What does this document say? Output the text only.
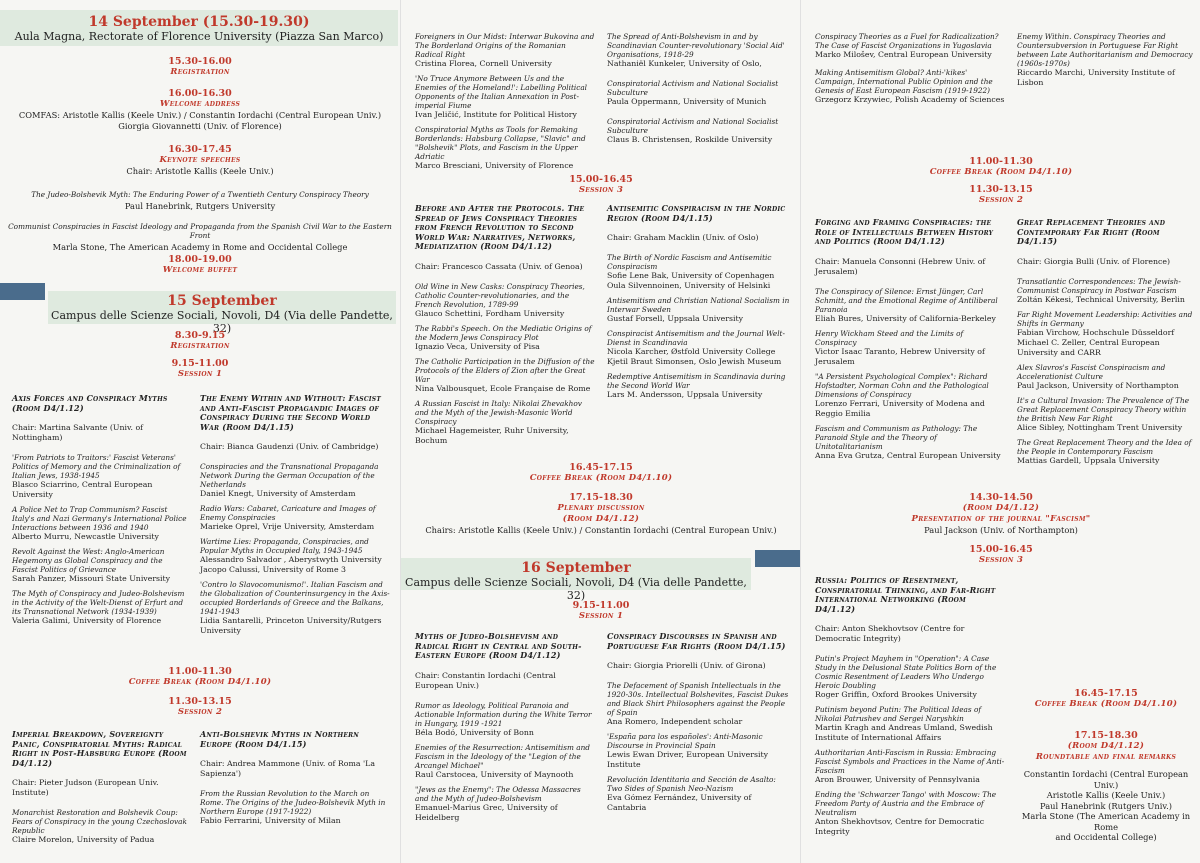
14 September (15.30-19.30)
Aula Magna, Rectorate of Florence University (Piazza San Marco)
15.30-16.00
Registration
16.00-16.30
Welcome address
COMFAS: Aristotle Kallis (Keele Univ.) / Constantin Iordachi (Central European Univ.)
Giorgia Giovannetti (Univ. of Florence)
16.30-17.45
Keynote speeches
Chair: Aristotle Kallis (Keele Univ.)
The Judeo-Bolshevik Myth: The Enduring Power of a Twentieth Century Conspiracy Theory
Paul Hanebrink, Rutgers University
Communist Conspiracies in Fascist Ideology and Propaganda from the Spanish Civil War to the Eastern Front
Marla Stone, The American Academy in Rome and Occidental College
18.00-19.00
Welcome buffet
15 September
Campus delle Scienze Sociali, Novoli, D4 (Via delle Pandette, 32)
8.30-9.15
Registration
9.15-11.00
Session 1
Axis Forces and Conspiracy Myths (Room D4/1.12)
Chair: Martina Salvante (Univ. of Nottingham)
'From Patriots to Traitors:' Fascist Veterans' Politics of Memory and the Criminalization of Italian Jews, 1938-1945
Blasco Sciarrino, Central European University
A Police Net to Trap Communism? Fascist Italy's and Nazi Germany's International Police Interactions between 1936 and 1940
Alberto Murru, Newcastle University
Revolt Against the West: Anglo-American Hegemony as Global Conspiracy and the Fascist Politics of Grievance
Sarah Panzer, Missouri State University
The Myth of Conspiracy and Judeo-Bolshevism in the Activity of the Welt-Dienst of Erfurt and its Transnational Network (1934-1939)
Valeria Galimi, University of Florence
The Enemy Within and Without: Fascist and Anti-Fascist Propagandic Images of Conspiracy During the Second World War (Room D4/1.15)
Chair: Bianca Gaudenzi (Univ. of Cambridge)
Conspiracies and the Transnational Propaganda Network During the German Occupation of the Netherlands
Daniel Knegt, University of Amsterdam
Radio Wars: Cabaret, Caricature and Images of Enemy Conspiracies
Marieke Oprel, Vrije University, Amsterdam
Wartime Lies: Propaganda, Conspiracies, and Popular Myths in Occupied Italy, 1943-1945
Alessandro Salvador , Aberystwyth University
Jacopo Calussi, University of Rome 3
'Contro lo Slavocomunismo!'. Italian Fascism and the Globalization of Counterinsurgency in the Axis-occupied Borderlands of Greece and the Balkans, 1941-1943
Lidia Santarelli, Princeton University/Rutgers University
11.00-11.30
Coffee Break (Room D4/1.10)
11.30-13.15
Session 2
Imperial Breakdown, Sovereignty Panic, Conspiratorial Myths: Radical Right in Post-Habsburg Europe (Room D4/1.12)
Chair: Pieter Judson (European Univ. Institute)
Monarchist Restoration and Bolshevik Coup: Fears of Conspiracy in the young Czechoslovak Republic
Claire Morelon, University of Padua
Anti-Bolshevik Myths in Northern Europe (Room D4/1.15)
Chair: Andrea Mammone (Univ. of Roma 'La Sapienza')
From the Russian Revolution to the March on Rome. The Origins of the Judeo-Bolshevik Myth in Northern Europe (1917-1922)
Fabio Ferrarini, University of Milan
Foreigners in Our Midst: Interwar Bukovina and The Borderland Origins of the Romanian Radical Right
Cristina Florea, Cornell University
'No Truce Anymore Between Us and the Enemies of the Homeland!': Labelling Political Opponents of the Italian Annexation in Post-imperial Fiume
Ivan Jeličić, Institute for Political History
Conspiratorial Myths as Tools for Remaking Borderlands: Habsburg Collapse, "Slavic" and "Bolshevik" Plots, and Fascism in the Upper Adriatic
Marco Bresciani, University of Florence
The Spread of Anti-Bolshevism in and by Scandinavian Counter-revolutionary 'Social Aid' Organisations, 1918-29
Nathaniël Kunkeler, University of Oslo,
Conspiratorial Activism and National Socialist Subculture
Paula Oppermann, University of Munich
Conspiratorial Activism and National Socialist Subculture
Claus B. Christensen, Roskilde University
15.00-16.45
Session 3
Before and After the Protocols. The Spread of Jews Conspiracy Theories from French Revolution to Second World War: Narratives, Networks, Mediatization (Room D4/1.12)
Chair: Francesco Cassata (Univ. of Genoa)
Old Wine in New Casks: Conspiracy Theories, Catholic Counter-revolutionaries, and the French Revolution, 1789-99
Glauco Schettini, Fordham University
The Rabbi's Speech. On the Mediatic Origins of the Modern Jews Conspiracy Plot
Ignazio Veca, University of Pisa
The Catholic Participation in the Diffusion of the Protocols of the Elders of Zion after the Great War
Nina Valbousquet, Ecole Française de Rome
A Russian Fascist in Italy: Nikolai Zhevakhov and the Myth of the Jewish-Masonic World Conspiracy
Michael Hagemeister, Ruhr University, Bochum
Antisemitic Conspiracism in the Nordic Region (Room D4/1.15)
Chair: Graham Macklin (Univ. of Oslo)
The Birth of Nordic Fascism and Antisemitic Conspiracism
Sofie Lene Bak, University of Copenhagen
Oula Silvennoinen, University of Helsinki
Antisemitism and Christian National Socialism in Interwar Sweden
Gustaf Forsell, Uppsala University
Conspiracist Antisemitism and the Journal Welt-Dienst in Scandinavia
Nicola Karcher, Østfold University College
Kjetil Braut Simonsen, Oslo Jewish Museum
Redemptive Antisemitism in Scandinavia during the Second World War
Lars M. Andersson, Uppsala University
16.45-17.15
Coffee Break (Room D4/1.10)
17.15-18.30
Plenary discussion
(Room D4/1.12)
Chairs: Aristotle Kallis (Keele Univ.) / Constantin Iordachi (Central European Univ.)
16 September
Campus delle Scienze Sociali, Novoli, D4 (Via delle Pandette, 32)
9.15-11.00
Session 1
Myths of Judeo-Bolshevism and Radical Right in Central and South-Eastern Europe (Room D4/1.12)
Chair: Constantin Iordachi (Central European Univ.)
Rumor as Ideology, Political Paranoia and Actionable Information during the White Terror in Hungary, 1919 -1921
Béla Bodó, University of Bonn
Enemies of the Resurrection: Antisemitism and Fascism in the Ideology of the "Legion of the Arcangel Michael"
Raul Carstocea, University of Maynooth
"Jews as the Enemy": The Odessa Massacres and the Myth of Judeo-Bolshevism
Emanuel-Marius Grec, University of Heidelberg
Conspiracy Discourses in Spanish and Portuguese Far Rights (Room D4/1.15)
Chair: Giorgia Priorelli (Univ. of Girona)
The Defacement of Spanish Intellectuals in the 1920-30s. Intellectual Bolshevites, Fascist Dukes and Black Shirt Philosophers against the People of Spain
Ana Romero, Independent scholar
'España para los españoles': Anti-Masonic Discourse in Provincial Spain
Lewis Ewan Driver, European University Institute
Revolución Identitaria and Sección de Asalto: Two Sides of Spanish Neo-Nazism
Eva Gómez Fernández, University of Cantabria
Conspiracy Theories as a Fuel for Radicalization? The Case of Fascist Organizations in Yugoslavia
Marko Milošev, Central European University
Making Antisemitism Global? Anti-'kikes' Campaign, International Public Opinion and the Genesis of East European Fascism (1919-1922)
Grzegorz Krzywiec, Polish Academy of Sciences
Enemy Within. Conspiracy Theories and Countersubversion in Portuguese Far Right between Late Authoritarianism and Democracy (1960s-1970s)
Riccardo Marchi, University Institute of Lisbon
11.00-11.30
Coffee Break (Room D4/1.10)
11.30-13.15
Session 2
Forging and Framing Conspiracies: the Role of Intellectuals Between History and Politics (Room D4/1.12)
Chair: Manuela Consonni (Hebrew Univ. of Jerusalem)
The Conspiracy of Silence: Ernst Jünger, Carl Schmitt, and the Emotional Regime of Antiliberal Paranoia
Eliah Bures, University of California-Berkeley
Henry Wickham Steed and the Limits of Conspiracy
Victor Isaac Taranto, Hebrew University of Jerusalem
"A Persistent Psychological Complex": Richard Hofstadter, Norman Cohn and the Pathological Dimensions of Conspiracy
Lorenzo Ferrari, University of Modena and Reggio Emilia
Fascism and Communism as Pathology: The Paranoid Style and the Theory of Unitotalitarianism
Anna Eva Grutza, Central European University
Great Replacement Theories and Contemporary Far Right (Room D4/1.15)
Chair: Giorgia Bulli (Univ. of Florence)
Transatlantic Correspondences: The Jewish-Communist Conspiracy in Postwar Fascism
Zoltán Kékesi, Technical University, Berlin
Far Right Movement Leadership: Activities and Shifts in Germany
Fabian Virchow, Hochschule Düsseldorf
Michael C. Zeller, Central European University and CARR
Alex Slavros's Fascist Conspiracism and Accelerationist Culture
Paul Jackson, University of Northampton
It's a Cultural Invasion: The Prevalence of The Great Replacement Conspiracy Theory within the British New Far Right
Alice Sibley, Nottingham Trent University
The Great Replacement Theory and the Idea of the People in Contemporary Fascism
Mattias Gardell, Uppsala University
14.30-14.50
(Room D4/1.12)
Presentation of the journal "Fascism"
Paul Jackson (Univ. of Northampton)
15.00-16.45
Session 3
Russia: Politics of Resentment, Conspiratorial Thinking, and Far-Right International Networking (Room D4/1.12)
Chair: Anton Shekhovtsov (Centre for Democratic Integrity)
Putin's Project Mayhem in "Operation": A Case Study in the Delusional State Politics Born of the Cosmic Resentment of Leaders Who Undergo Heroic Doubling
Roger Griffin, Oxford Brookes University
Putinism beyond Putin: The Political Ideas of Nikolai Patrushev and Sergei Naryshkin
Martin Kragh and Andreas Umland, Swedish Institute of International Affairs
Authoritarian Anti-Fascism in Russia: Embracing Fascist Symbols and Practices in the Name of Anti-Fascism
Aron Brouwer, University of Pennsylvania
Ending the 'Schwarzer Tango' with Moscow: The Freedom Party of Austria and the Embrace of Neutralism
Anton Shekhovtsov, Centre for Democratic Integrity
16.45-17.15
Coffee Break (Room D4/1.10)
17.15-18.30
(Room D4/1.12)
Roundtable and final remarks
Constantin Iordachi (Central European Univ.)
Aristotle Kallis (Keele Univ.)
Paul Hanebrink (Rutgers Univ.)
Marla Stone (The American Academy in Rome
and Occidental College)
